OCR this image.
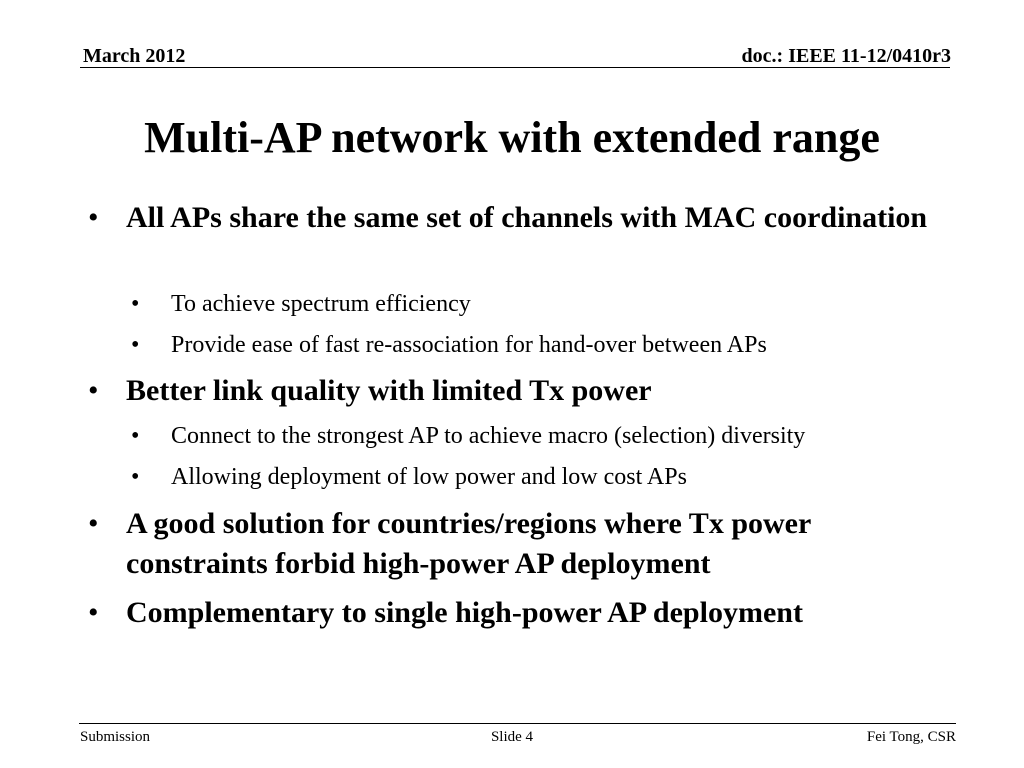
March 2012	doc.: IEEE 11-12/0410r3
Multi-AP network with extended range
• All APs share the same set of channels with MAC coordination
• To achieve spectrum efficiency
• Provide ease of fast re-association for hand-over between APs
• Better link quality with limited Tx power
• Connect to the strongest AP to achieve macro (selection) diversity
• Allowing deployment of low power and low cost APs
• A good solution for countries/regions where Tx power constraints forbid high-power AP deployment
• Complementary to single high-power AP deployment
Submission	Slide 4	Fei Tong, CSR
